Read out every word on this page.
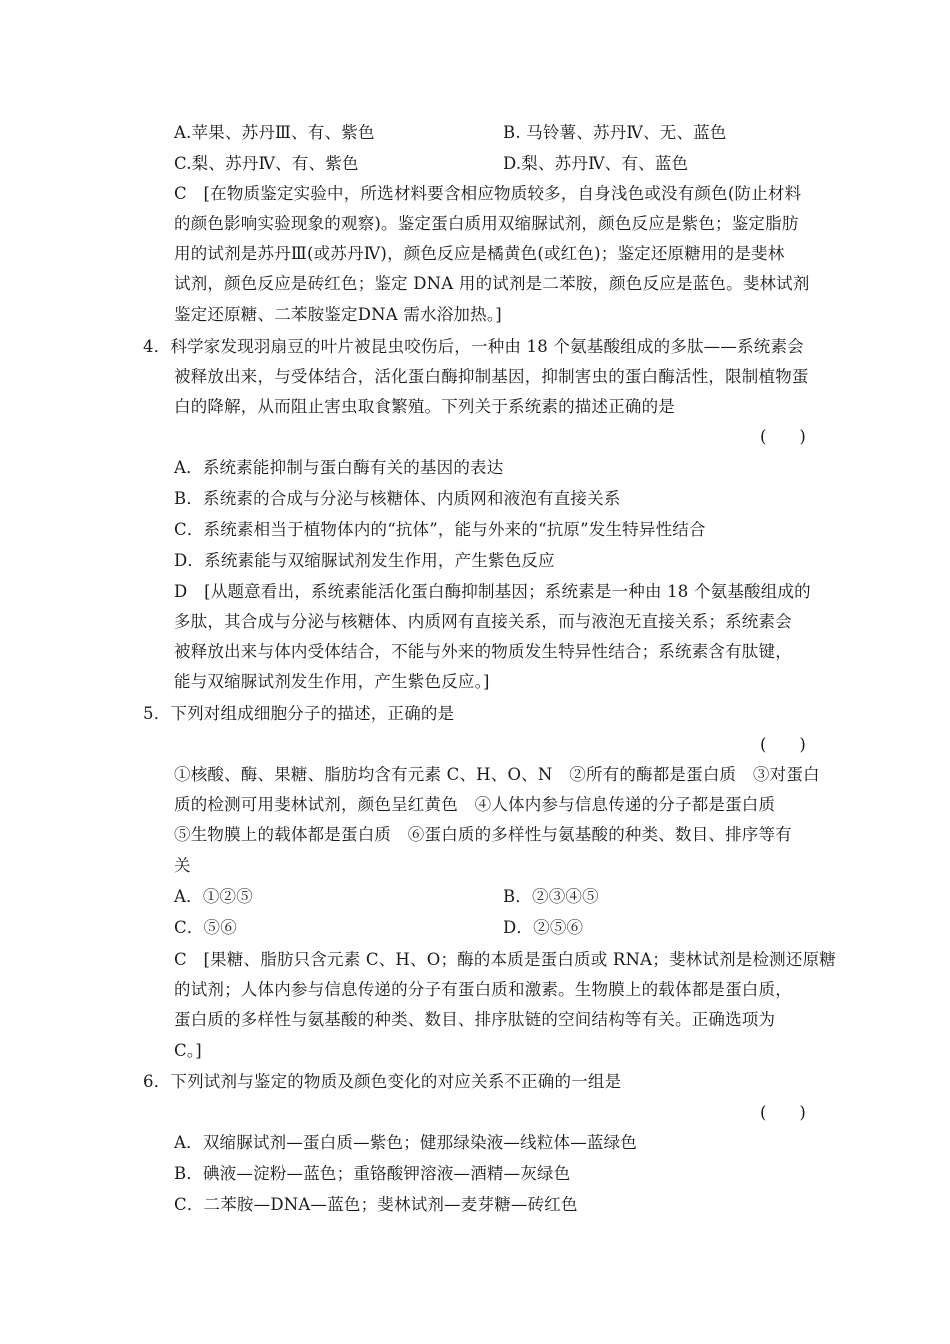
A.苹果、苏丹Ⅲ、有、紫色	B. 马铃薯、苏丹Ⅳ、无、蓝色
C.梨、苏丹Ⅳ、有、紫色	D.梨、苏丹Ⅳ、有、蓝色
C　[在物质鉴定实验中，所选材料要含相应物质较多，自身浅色或没有颜色(防止材料
的颜色影响实验现象的观察)。鉴定蛋白质用双缩脲试剂，颜色反应是紫色；鉴定脂肪
用的试剂是苏丹Ⅲ(或苏丹Ⅳ)，颜色反应是橘黄色(或红色)；鉴定还原糖用的是斐林
试剂，颜色反应是砖红色；鉴定 DNA 用的试剂是二苯胺，颜色反应是蓝色。斐林试剂
鉴定还原糖、二苯胺鉴定DNA 需水浴加热。]
4．科学家发现羽扇豆的叶片被昆虫咬伤后，一种由 18 个氨基酸组成的多肽——系统素会
被释放出来，与受体结合，活化蛋白酶抑制基因，抑制害虫的蛋白酶活性，限制植物蛋
白的降解，从而阻止害虫取食繁殖。下列关于系统素的描述正确的是
(　　)
A．系统素能抑制与蛋白酶有关的基因的表达
B．系统素的合成与分泌与核糖体、内质网和液泡有直接关系
C．系统素相当于植物体内的“抗体”，能与外来的“抗原”发生特异性结合
D．系统素能与双缩脲试剂发生作用，产生紫色反应
D　[从题意看出，系统素能活化蛋白酶抑制基因；系统素是一种由 18 个氨基酸组成的
多肽，其合成与分泌与核糖体、内质网有直接关系，而与液泡无直接关系；系统素会
被释放出来与体内受体结合，不能与外来的物质发生特异性结合；系统素含有肽键，
能与双缩脲试剂发生作用，产生紫色反应。]
5．下列对组成细胞分子的描述，正确的是
(　　)
①核酸、酶、果糖、脂肪均含有元素 C、H、O、N　②所有的酶都是蛋白质　③对蛋白
质的检测可用斐林试剂，颜色呈红黄色　④人体内参与信息传递的分子都是蛋白质
⑤生物膜上的载体都是蛋白质　⑥蛋白质的多样性与氨基酸的种类、数目、排序等有
关
A．①②⑤	B．②③④⑤
C．⑤⑥	D．②⑤⑥
C　[果糖、脂肪只含元素 C、H、O；酶的本质是蛋白质或 RNA；斐林试剂是检测还原糖
的试剂；人体内参与信息传递的分子有蛋白质和激素。生物膜上的载体都是蛋白质，
蛋白质的多样性与氨基酸的种类、数目、排序肽链的空间结构等有关。正确选项为
C。]
6．下列试剂与鉴定的物质及颜色变化的对应关系不正确的一组是
(　　)
A．双缩脲试剂—蛋白质—紫色；健那绿染液—线粒体—蓝绿色
B．碘液—淀粉—蓝色；重铬酸钾溶液—酒精—灰绿色
C．二苯胺—DNA—蓝色；斐林试剂—麦芽糖—砖红色
